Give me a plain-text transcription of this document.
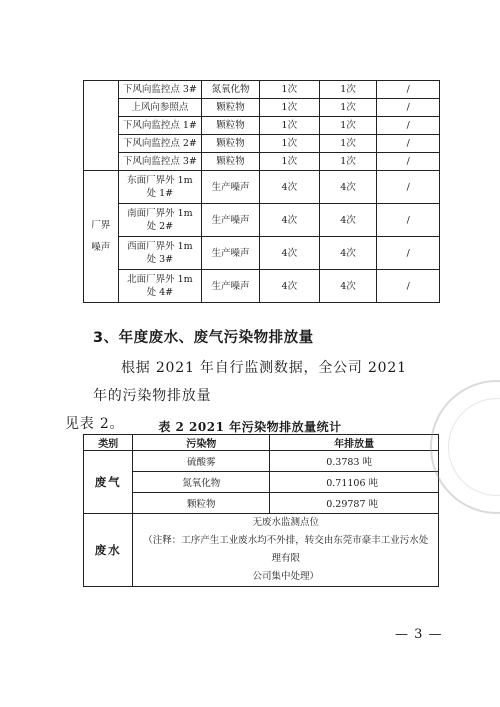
	下风向监控点 3#	氮氧化物	1次	1次	/
	上风向参照点	颗粒物	1次	1次	/
	下风向监控点 1#	颗粒物	1次	1次	/
	下风向监控点 2#	颗粒物	1次	1次	/
	下风向监控点 3#	颗粒物	1次	1次	/
厂界噪声	东面厂界外 1m 处 1#	生产噪声	4次	4次	/
	南面厂界外 1m 处 2#	生产噪声	4次	4次	/
	西面厂界外 1m 处 3#	生产噪声	4次	4次	/
	北面厂界外 1m 处 4#	生产噪声	4次	4次	/
3、年度废水、废气污染物排放量

根据 2021 年自行监测数据，全公司 2021 年的污染物排放量
见表 2。	表 2 2021 年污染物排放量统计
类别	污染物	年排放量
废气	硫酸雾	0.3783 吨
	氮氧化物	0.71106 吨
	颗粒物	0.29787 吨
废水	无废水监测点位
（注释：工序产生工业废水均不外排，转交由东莞市豪丰工业污水处理有限
公司集中处理）	
— 3 —
